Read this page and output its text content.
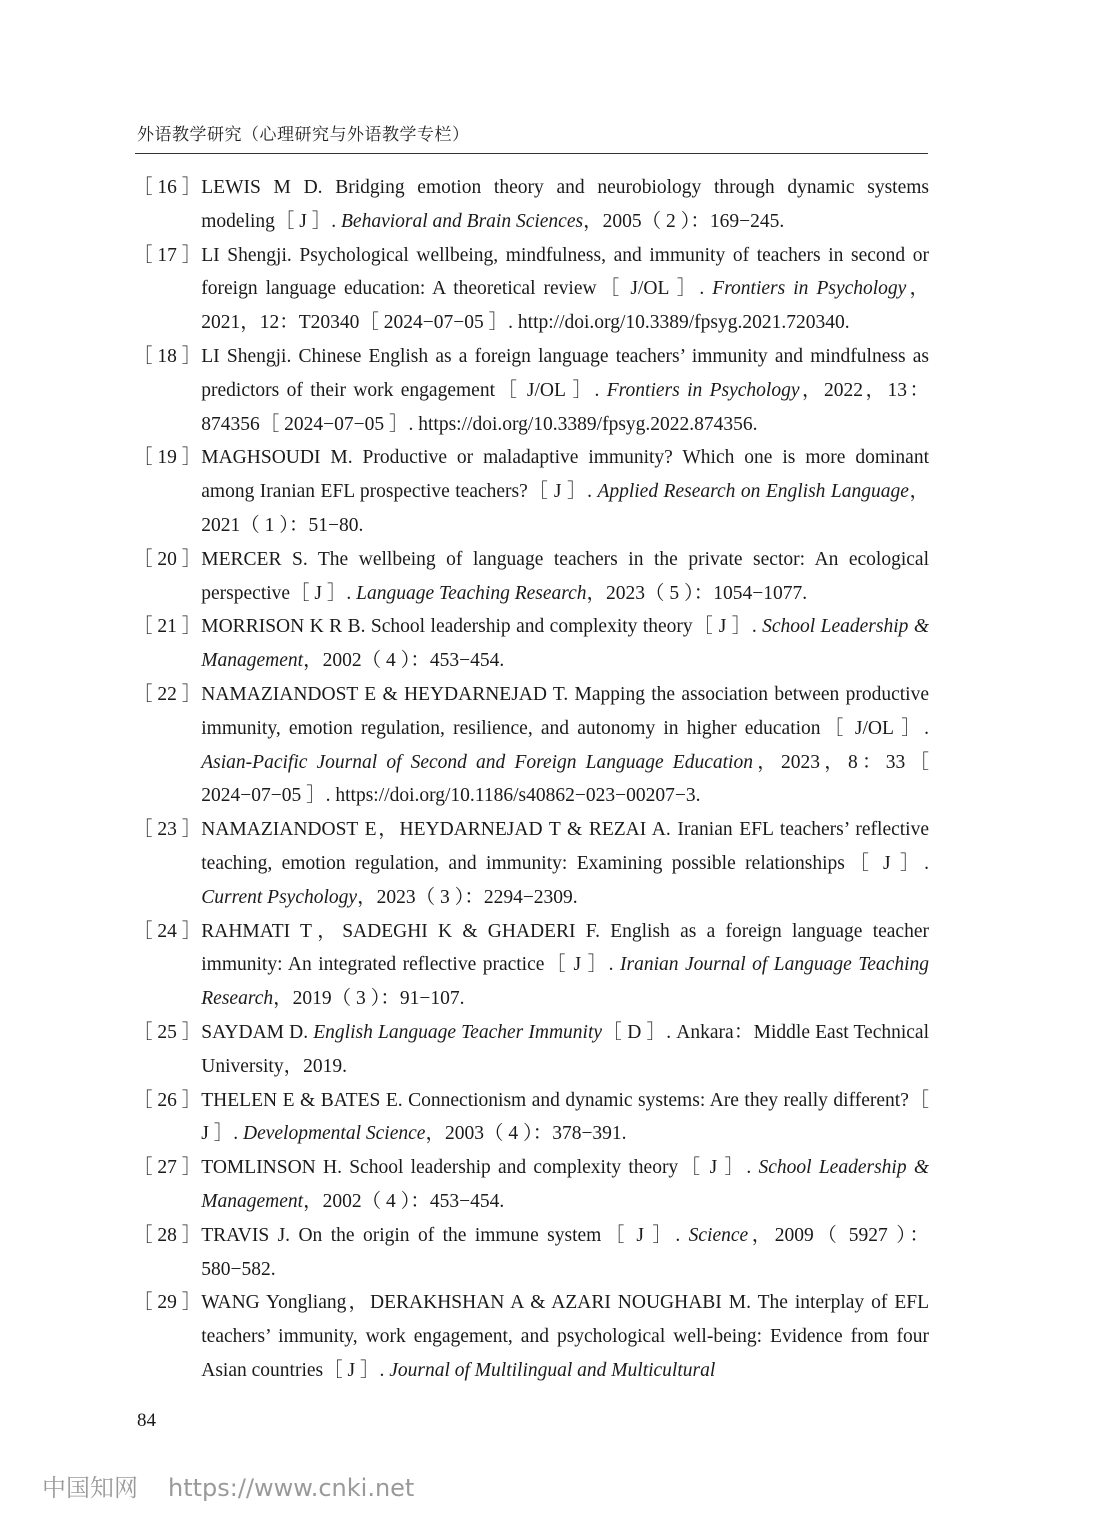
外语教学研究（心理研究与外语教学专栏）
［ 16 ］ LEWIS M D. Bridging emotion theory and neurobiology through dynamic systems modeling［ J ］. Behavioral and Brain Sciences，2005（ 2 ）：169−245.
［ 17 ］ LI Shengji. Psychological wellbeing, mindfulness, and immunity of teachers in second or foreign language education: A theoretical review［ J/OL ］. Frontiers in Psychology，2021，12：T20340［ 2024−07−05 ］. http://doi.org/10.3389/fpsyg.2021.720340.
［ 18 ］ LI Shengji. Chinese English as a foreign language teachers’ immunity and mindfulness as predictors of their work engagement［ J/OL ］. Frontiers in Psychology，2022，13：874356［ 2024−07−05 ］. https://doi.org/10.3389/fpsyg.2022.874356.
［ 19 ］ MAGHSOUDI M. Productive or maladaptive immunity? Which one is more dominant among Iranian EFL prospective teachers?［ J ］. Applied Research on English Language，2021（ 1 ）：51−80.
［ 20 ］ MERCER S. The wellbeing of language teachers in the private sector: An ecological perspective［ J ］. Language Teaching Research，2023（ 5 ）：1054−1077.
［ 21 ］ MORRISON K R B. School leadership and complexity theory［ J ］. School Leadership & Management，2002（ 4 ）：453−454.
［ 22 ］ NAMAZIANDOST E & HEYDARNEJAD T. Mapping the association between productive immunity, emotion regulation, resilience, and autonomy in higher education［ J/OL ］. Asian-Pacific Journal of Second and Foreign Language Education，2023，8：33［ 2024−07−05 ］. https://doi.org/10.1186/s40862−023−00207−3.
［ 23 ］ NAMAZIANDOST E，HEYDARNEJAD T & REZAI A. Iranian EFL teachers’ reflective teaching, emotion regulation, and immunity: Examining possible relationships［ J ］. Current Psychology，2023（ 3 ）：2294−2309.
［ 24 ］ RAHMATI T，SADEGHI K & GHADERI F. English as a foreign language teacher immunity: An integrated reflective practice［ J ］. Iranian Journal of Language Teaching Research，2019（ 3 ）：91−107.
［ 25 ］ SAYDAM D. English Language Teacher Immunity［ D ］. Ankara：Middle East Technical University，2019.
［ 26 ］ THELEN E & BATES E. Connectionism and dynamic systems: Are they really different?［ J ］. Developmental Science，2003（ 4 ）：378−391.
［ 27 ］ TOMLINSON H. School leadership and complexity theory［ J ］. School Leadership & Management，2002（ 4 ）：453−454.
［ 28 ］ TRAVIS J. On the origin of the immune system［ J ］. Science，2009（ 5927 ）：580−582.
［ 29 ］ WANG Yongliang，DERAKHSHAN A & AZARI NOUGHABI M. The interplay of EFL teachers’ immunity, work engagement, and psychological well-being: Evidence from four Asian countries［ J ］. Journal of Multilingual and Multicultural
84
中国知网 https://www.cnki.net
